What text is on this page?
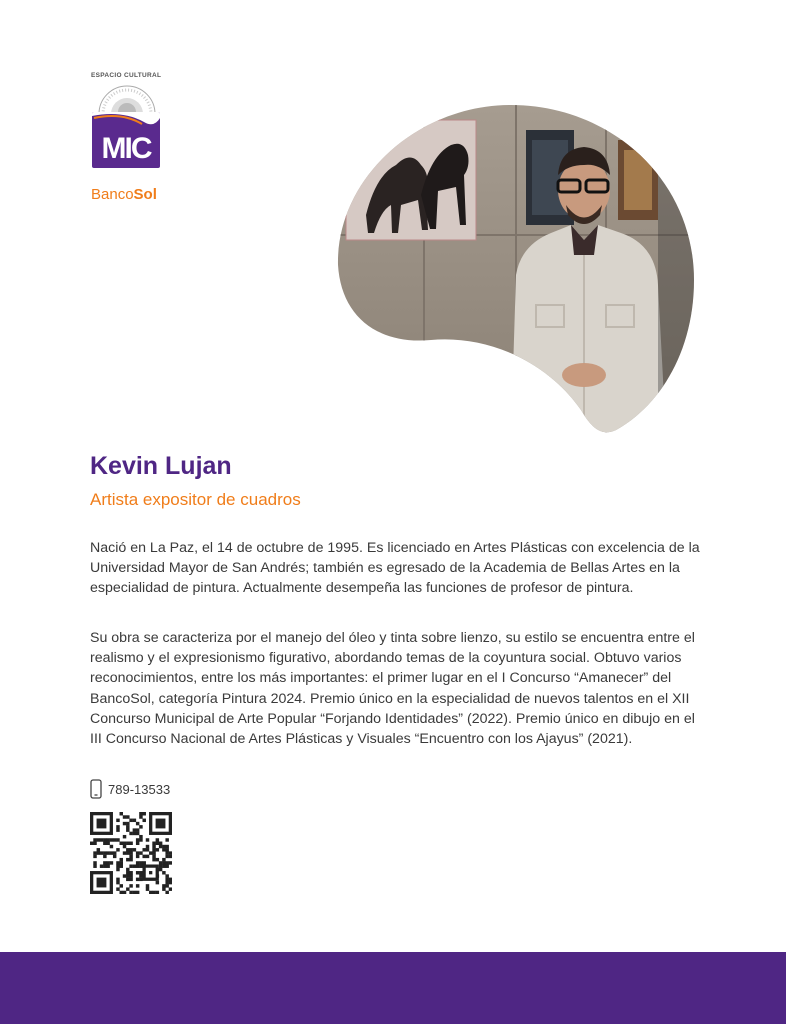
ESPACIO CULTURAL
MIC
BancoSol
Kevin Lujan
Artista expositor de cuadros

Nació en La Paz, el 14 de octubre de 1995. Es licenciado en Artes Plásticas con excelencia de la Universidad Mayor de San Andrés; también es egresado de la Academia de Bellas Artes en la especialidad de pintura. Actualmente desempeña las funciones de profesor de pintura.

Su obra se caracteriza por el manejo del óleo y tinta sobre lienzo, su estilo se encuentra entre el realismo y el expresionismo figurativo, abordando temas de la coyuntura social. Obtuvo varios reconocimientos, entre los más importantes: el primer lugar en el I Concurso “Amanecer” del BancoSol, categoría Pintura 2024. Premio único en la especialidad de nuevos talentos en el XII Concurso Municipal de Arte Popular “Forjando Identidades” (2022). Premio único en dibujo en el III Concurso Nacional de Artes Plásticas y Visuales “Encuentro con los Ajayus” (2021).

789-13533
